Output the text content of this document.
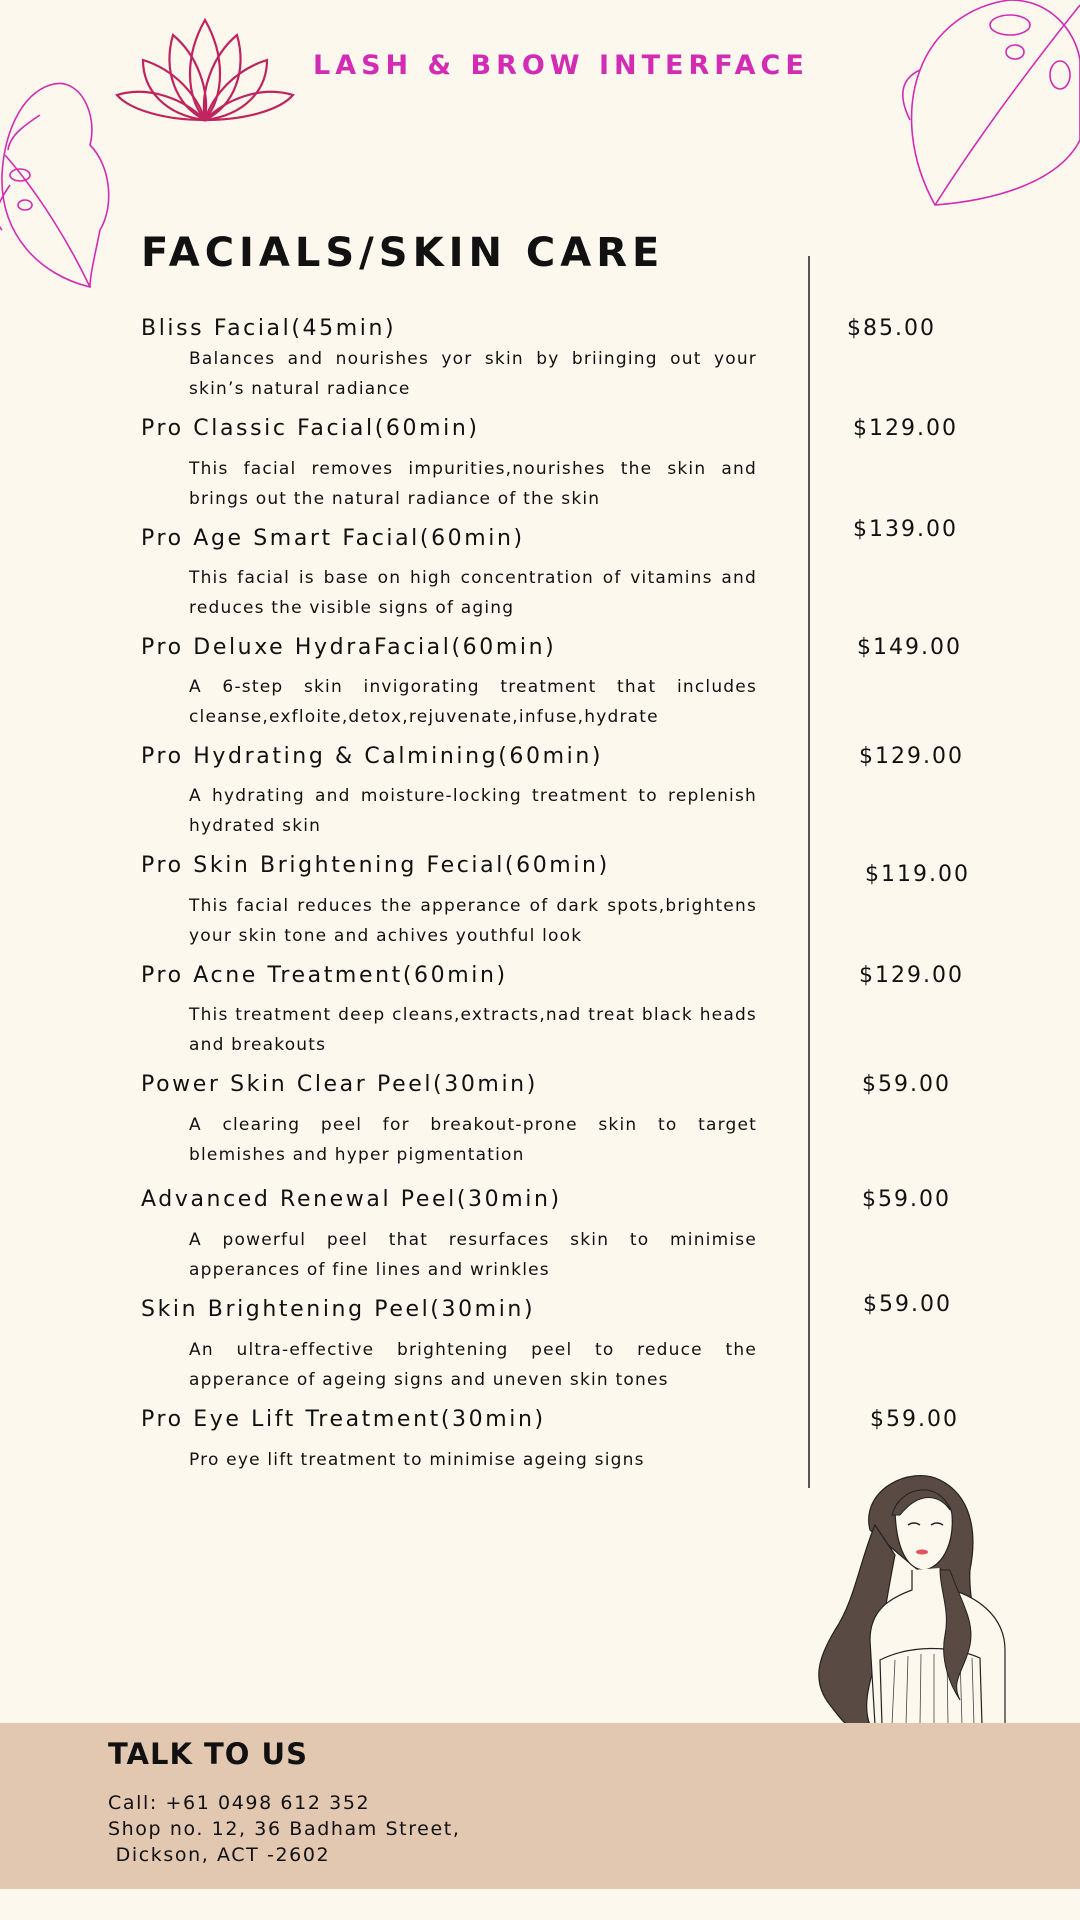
LASH & BROW INTERFACE
FACIALS/SKIN CARE
Bliss Facial(45min)	$85.00
Balances and nourishes yor skin by briinging out your skin’s natural radiance
Pro Classic Facial(60min)	$129.00
This facial removes impurities,nourishes the skin and brings out the natural radiance of the skin
Pro Age Smart Facial(60min)	$139.00
This facial is base on high concentration of vitamins and reduces the visible signs of aging
Pro Deluxe HydraFacial(60min)	$149.00
A 6-step skin invigorating treatment that includes cleanse,exfloite,detox,rejuvenate,infuse,hydrate
Pro Hydrating & Calmining(60min)	$129.00
A hydrating and moisture-locking treatment to replenish hydrated skin
Pro Skin Brightening Fecial(60min)	$119.00
This facial reduces the apperance of dark spots,brightens your skin tone and achives youthful look
Pro Acne Treatment(60min)	$129.00
This treatment deep cleans,extracts,nad treat black heads and breakouts
Power Skin Clear Peel(30min)	$59.00
A clearing peel for breakout-prone skin to target blemishes and hyper pigmentation
Advanced Renewal Peel(30min)	$59.00
A powerful peel that resurfaces skin to minimise apperances of fine lines and wrinkles
Skin Brightening Peel(30min)	$59.00
An ultra-effective brightening peel to reduce the apperance of ageing signs and uneven skin tones
Pro Eye Lift Treatment(30min)	$59.00
Pro eye lift treatment to minimise ageing signs
TALK TO US
Call: +61 0498 612 352
Shop no. 12, 36 Badham Street,
Dickson, ACT -2602
